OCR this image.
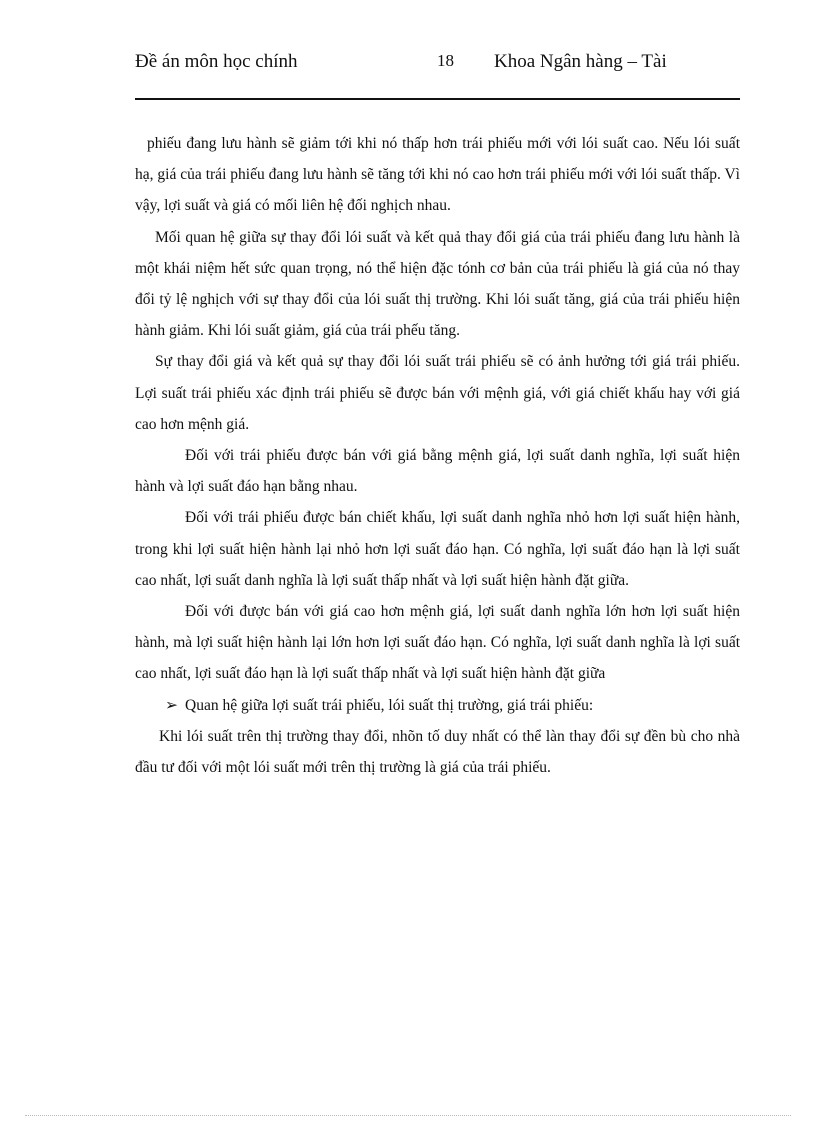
Đề án môn học chính	18 Khoa Ngân hàng – Tài

phiếu đang lưu hành sẽ giảm tới khi nó thấp hơn trái phiếu mới với lói suất cao. Nếu lói suất hạ, giá của trái phiếu đang lưu hành sẽ tăng tới khi nó cao hơn trái phiếu mới với lói suất thấp. Vì vậy, lợi suất và giá có mối liên hệ đối nghịch nhau.

Mối quan hệ giữa sự thay đổi lói suất và kết quả thay đổi giá của trái phiếu đang lưu hành là một khái niệm hết sức quan trọng, nó thể hiện đặc tónh cơ bản của trái phiếu là giá của nó thay đổi tỷ lệ nghịch với sự thay đổi của lói suất thị trường. Khi lói suất tăng, giá của trái phiếu hiện hành giảm. Khi lói suất giảm, giá của trái phếu tăng.

Sự thay đổi giá và kết quả sự thay đổi lói suất trái phiếu sẽ có ảnh hưởng tới giá trái phiếu. Lợi suất trái phiếu xác định trái phiếu sẽ được bán với mệnh giá, với giá chiết khấu hay với giá cao hơn mệnh giá.

Đối với trái phiếu được bán với giá bằng mệnh giá, lợi suất danh nghĩa, lợi suất hiện hành và lợi suất đáo hạn bằng nhau.

Đối với trái phiếu được bán chiết khấu, lợi suất danh nghĩa nhỏ hơn lợi suất hiện hành, trong khi lợi suất hiện hành lại nhỏ hơn lợi suất đáo hạn. Có nghĩa, lợi suất đáo hạn là lợi suất cao nhất, lợi suất danh nghĩa là lợi suất thấp nhất và lợi suất hiện hành đặt giữa.

Đối với được bán với giá cao hơn mệnh giá, lợi suất danh nghĩa lớn hơn lợi suất hiện hành, mà lợi suất hiện hành lại lớn hơn lợi suất đáo hạn. Có nghĩa, lợi suất danh nghĩa là lợi suất cao nhất, lợi suất đáo hạn là lợi suất thấp nhất và lợi suất hiện hành đặt giữa

➢ Quan hệ giữa lợi suất trái phiếu, lói suất thị trường, giá trái phiếu:

Khi lói suất trên thị trường thay đổi, nhõn tố duy nhất có thể làn thay đổi sự đền bù cho nhà đầu tư đối với một lói suất mới trên thị trường là giá của trái phiếu.
